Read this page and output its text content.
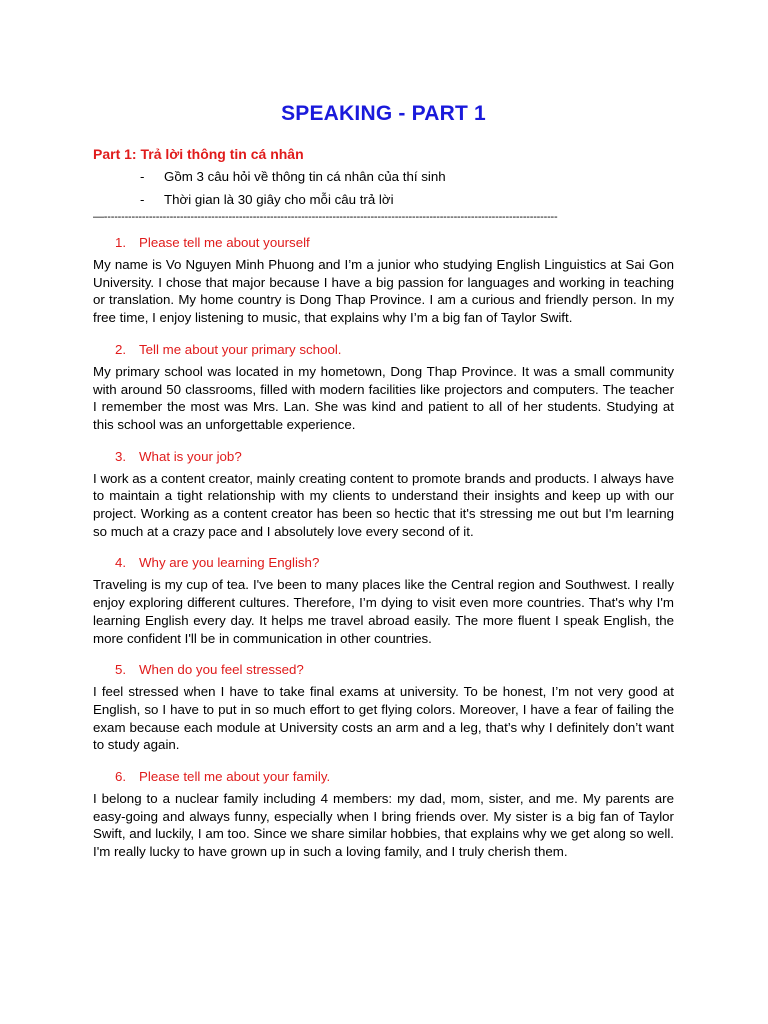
SPEAKING - PART 1
Part 1: Trả lời thông tin cá nhân
-	Gồm 3 câu hỏi về thông tin cá nhân của thí sinh
-	Thời gian là 30 giây cho mỗi câu trả lời
—-----------------------------------------------------------------------------------------------------------------------------------
1. Please tell me about yourself

My name is Vo Nguyen Minh Phuong and I’m a junior who studying English Linguistics at Sai Gon University. I chose that major because I have a big passion for languages and working in teaching or translation. My home country is Dong Thap Province. I am a curious and friendly person. In my free time, I enjoy listening to music, that explains why I’m a big fan of Taylor Swift.

2. Tell me about your primary school.

My primary school was located in my hometown, Dong Thap Province. It was a small community with around 50 classrooms, filled with modern facilities like projectors and computers. The teacher I remember the most was Mrs. Lan. She was kind and patient to all of her students. Studying at this school was an unforgettable experience.

3. What is your job?

I work as a content creator, mainly creating content to promote brands and products. I always have to maintain a tight relationship with my clients to understand their insights and keep up with our project. Working as a content creator has been so hectic that it's stressing me out but I'm learning so much at a crazy pace and I absolutely love every second of it.

4. Why are you learning English?

Traveling is my cup of tea. I've been to many places like the Central region and Southwest. I really enjoy exploring different cultures. Therefore, I’m dying to visit even more countries. That's why I'm learning English every day. It helps me travel abroad easily. The more fluent I speak English, the more confident I'll be in communication in other countries.

5. When do you feel stressed?

I feel stressed when I have to take final exams at university. To be honest, I’m not very good at English, so I have to put in so much effort to get flying colors. Moreover, I have a fear of failing the exam because each module at University costs an arm and a leg, that’s why I definitely don’t want to study again.

6. Please tell me about your family.

I belong to a nuclear family including 4 members: my dad, mom, sister, and me. My parents are easy-going and always funny, especially when I bring friends over. My sister is a big fan of Taylor Swift, and luckily, I am too. Since we share similar hobbies, that explains why we get along so well. I'm really lucky to have grown up in such a loving family, and I truly cherish them.
